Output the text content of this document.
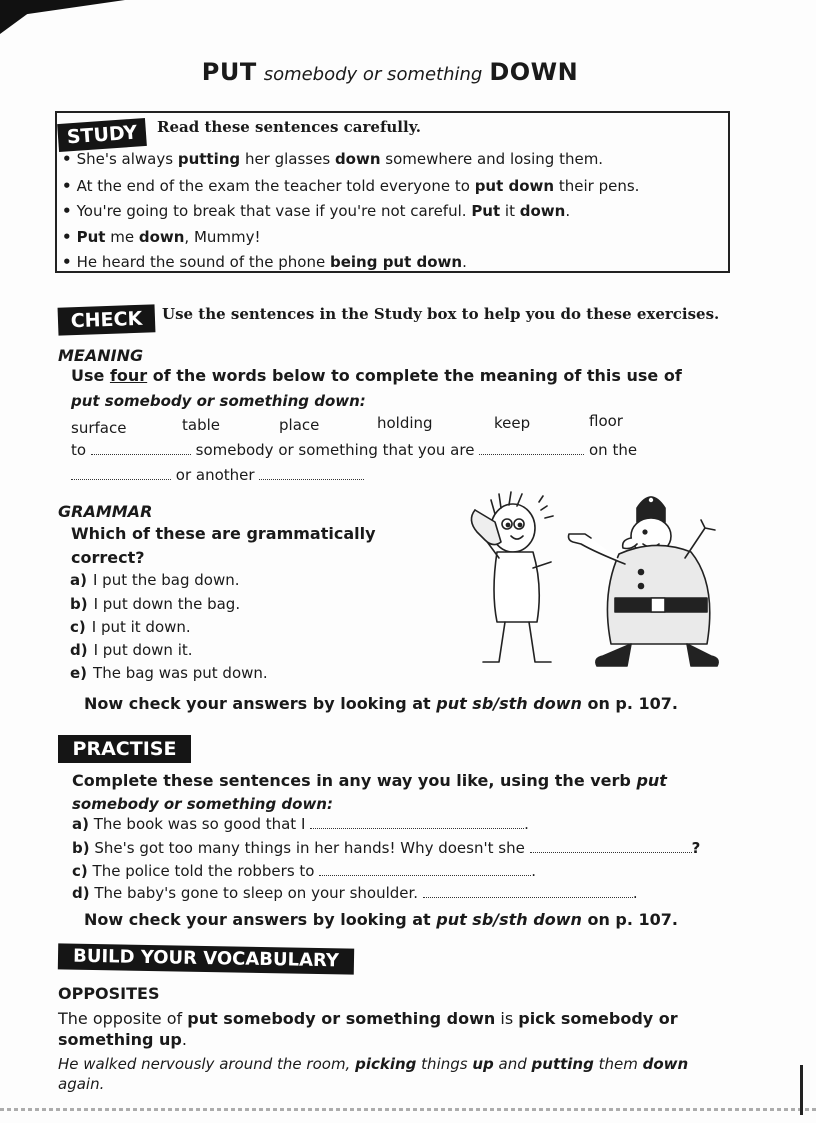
PUT somebody or something DOWN
STUDY	Read these sentences carefully.
• She's always putting her glasses down somewhere and losing them.
• At the end of the exam the teacher told everyone to put down their pens.
• You're going to break that vase if you're not careful. Put it down.
• Put me down, Mummy!
• He heard the sound of the phone being put down.
CHECK	Use the sentences in the Study box to help you do these exercises.
MEANING
Use four of the words below to complete the meaning of this use of
put somebody or something down:
surface	table	place	holding	keep	floor
to	somebody or something that you are	on the
or another
GRAMMAR
Which of these are grammatically
correct?
a) I put the bag down.
b) I put down the bag.
c) I put it down.
d) I put down it.
e) The bag was put down.
Now check your answers by looking at put sb/sth down on p. 107.
PRACTISE
Complete these sentences in any way you like, using the verb put
somebody or something down:
a) The book was so good that I	.
b) She's got too many things in her hands! Why doesn't she	?
c) The police told the robbers to	.
d) The baby's gone to sleep on your shoulder.	.
Now check your answers by looking at put sb/sth down on p. 107.
BUILD YOUR VOCABULARY
OPPOSITES
The opposite of put somebody or something down is pick somebody or
something up.
He walked nervously around the room, picking things up and putting them down
again.
